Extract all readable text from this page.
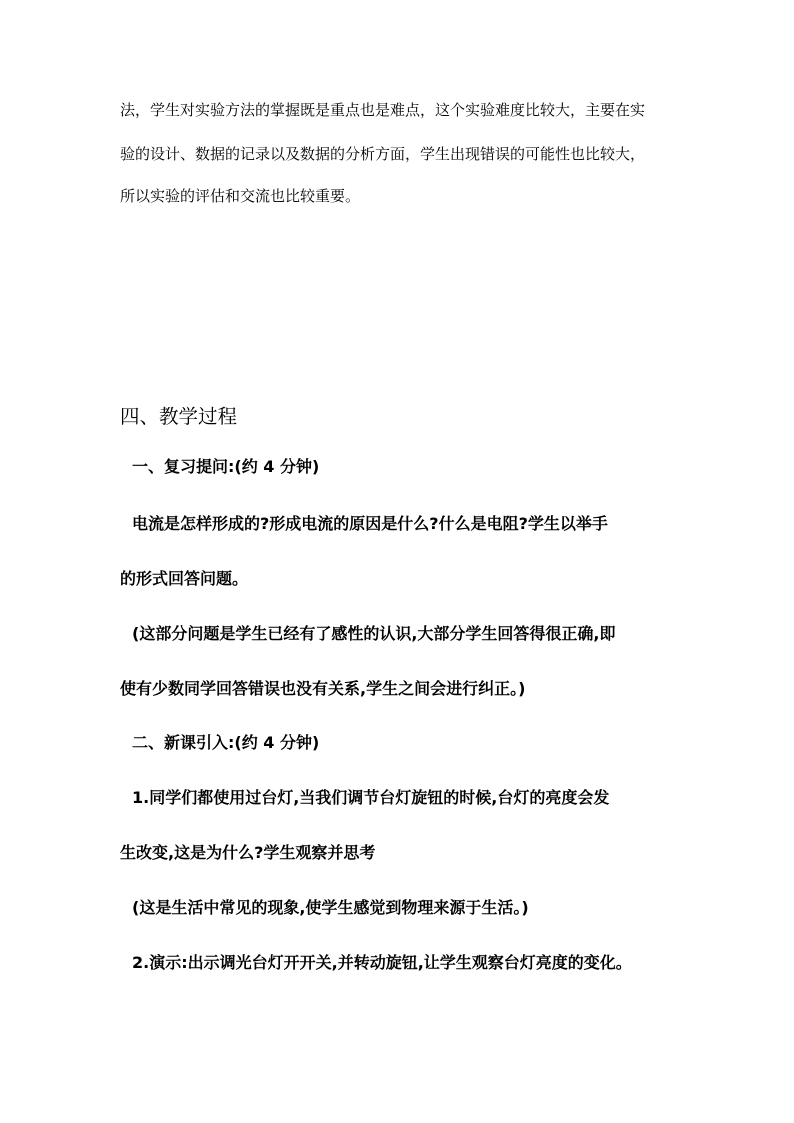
法，学生对实验方法的掌握既是重点也是难点，这个实验难度比较大，主要在实
验的设计、数据的记录以及数据的分析方面，学生出现错误的可能性也比较大，
所以实验的评估和交流也比较重要。
四、教学过程
一、复习提问:(约 4 分钟)
电流是怎样形成的?形成电流的原因是什么?什么是电阻?学生以举手
的形式回答问题。
(这部分问题是学生已经有了感性的认识,大部分学生回答得很正确,即
使有少数同学回答错误也没有关系,学生之间会进行纠正。)
二、新课引入:(约 4 分钟)
1.同学们都使用过台灯,当我们调节台灯旋钮的时候,台灯的亮度会发
生改变,这是为什么?学生观察并思考
(这是生活中常见的现象,使学生感觉到物理来源于生活。)
2.演示:出示调光台灯开开关,并转动旋钮,让学生观察台灯亮度的变化。
